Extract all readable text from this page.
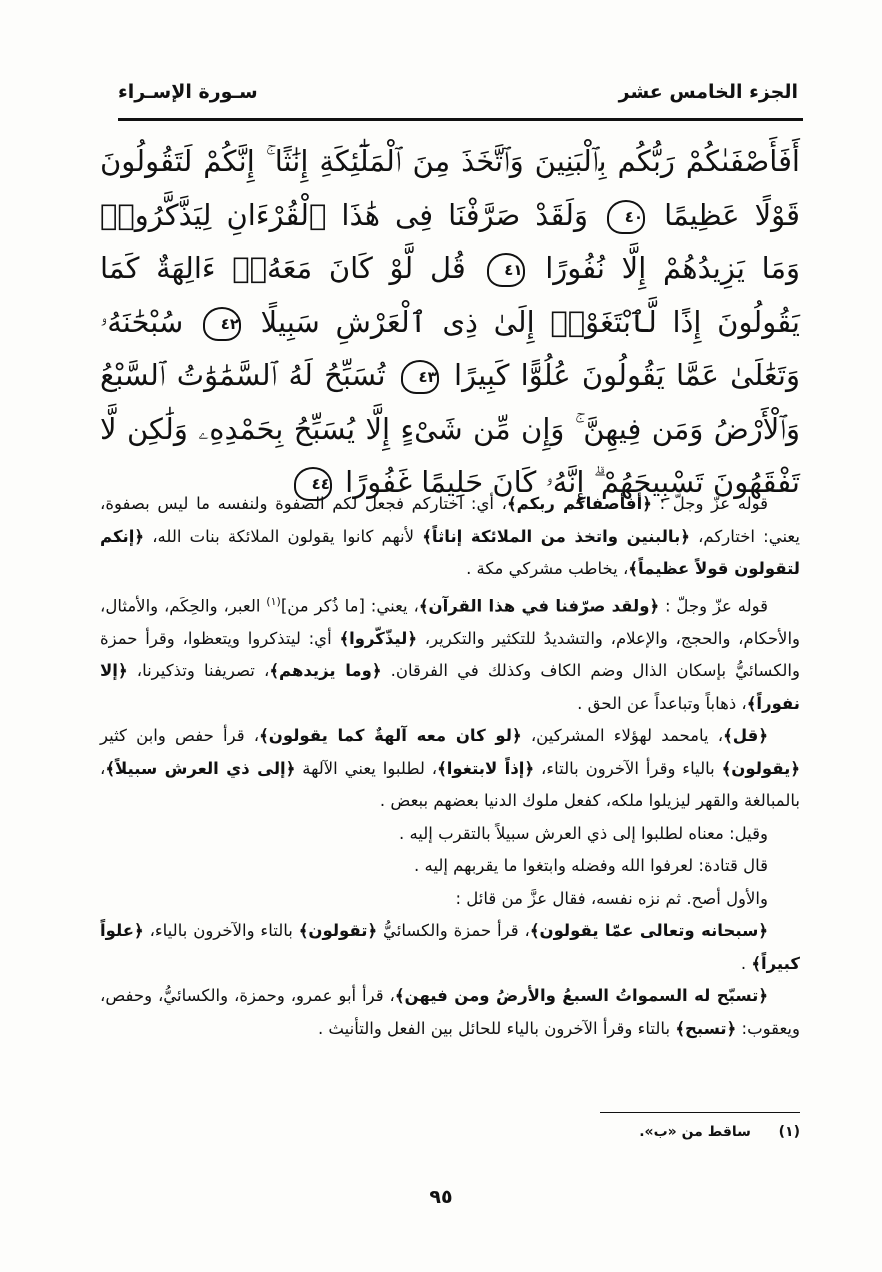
الجزء الخامس عشر
سـورة الإسـراء
أَفَأَصْفَىٰكُمْ رَبُّكُم بِٱلْبَنِينَ وَٱتَّخَذَ مِنَ ٱلْمَلَٰٓئِكَةِ إِنَٰثًا ۚ إِنَّكُمْ لَتَقُولُونَ قَوْلًا عَظِيمًا ٤٠ وَلَقَدْ صَرَّفْنَا فِى هَٰذَا ٱلْقُرْءَانِ لِيَذَّكَّرُوا۟ وَمَا يَزِيدُهُمْ إِلَّا نُفُورًا ٤١ قُل لَّوْ كَانَ مَعَهُۥٓ ءَالِهَةٌ كَمَا يَقُولُونَ إِذًا لَّٱبْتَغَوْا۟ إِلَىٰ ذِى ٱلْعَرْشِ سَبِيلًا ٤٢ سُبْحَٰنَهُۥ وَتَعَٰلَىٰ عَمَّا يَقُولُونَ عُلُوًّا كَبِيرًا ٤٣ تُسَبِّحُ لَهُ ٱلسَّمَٰوَٰتُ ٱلسَّبْعُ وَٱلْأَرْضُ وَمَن فِيهِنَّ ۚ وَإِن مِّن شَىْءٍ إِلَّا يُسَبِّحُ بِحَمْدِهِۦ وَلَٰكِن لَّا تَفْقَهُونَ تَسْبِيحَهُمْ ۗ إِنَّهُۥ كَانَ حَلِيمًا غَفُورًا ٤٤

قوله عزّ وجلّ : ﴿أفأصفاكم ربكم﴾، أي: اختاركم فجعل لكم الصفوة ولنفسه ما ليس بصفوة، يعني: اختاركم، ﴿بالبنين واتخذ من الملائكة إناثاً﴾ لأنهم كانوا يقولون الملائكة بنات الله، ﴿إنكم لتقولون قولاً عظيماً﴾، يخاطب مشركي مكة .

قوله عزّ وجلّ : ﴿ولقد صرّفنا في هذا القرآن﴾، يعني: [ما ذُكر من]$^{(١)}$ العبر، والحِكَم، والأمثال، والأحكام، والحجج، والإعلام، والتشديدُ للتكثير والتكرير، ﴿ليذّكّروا﴾ أي: ليتذكروا ويتعظوا، وقرأ حمزة والكسائيُّ بإسكان الذال وضم الكاف وكذلك في الفرقان. ﴿وما يزيدهم﴾، تصريفنا وتذكيرنا، ﴿إلا نفوراً﴾، ذهاباً وتباعداً عن الحق .

﴿قل﴾، يامحمد لهؤلاء المشركين، ﴿لو كان معه آلهةٌ كما يقولون﴾، قرأ حفص وابن كثير ﴿يقولون﴾ بالياء وقرأ الآخرون بالتاء، ﴿إذاً لابتغوا﴾، لطلبوا يعني الآلهة ﴿إلى ذي العرش سبيلاً﴾، بالمبالغة والقهر ليزيلوا ملكه، كفعل ملوك الدنيا بعضهم ببعض .

وقيل: معناه لطلبوا إلى ذي العرش سبيلاً بالتقرب إليه .

قال قتادة: لعرفوا الله وفضله وابتغوا ما يقربهم إليه .

والأول أصح. ثم نزه نفسه، فقال عزَّ من قائل :

﴿سبحانه وتعالى عمّا يقولون﴾، قرأ حمزة والكسائيُّ ﴿تقولون﴾ بالتاء والآخرون بالياء، ﴿علواً كبيراً﴾ .

﴿تسبّح له السمواتُ السبعُ والأرضُ ومن فيهن﴾، قرأ أبو عمرو، وحمزة، والكسائيُّ، وحفص، ويعقوب: ﴿تسبح﴾ بالتاء وقرأ الآخرون بالياء للحائل بين الفعل والتأنيث .

(١)  ساقط من «ب».
٩٥
